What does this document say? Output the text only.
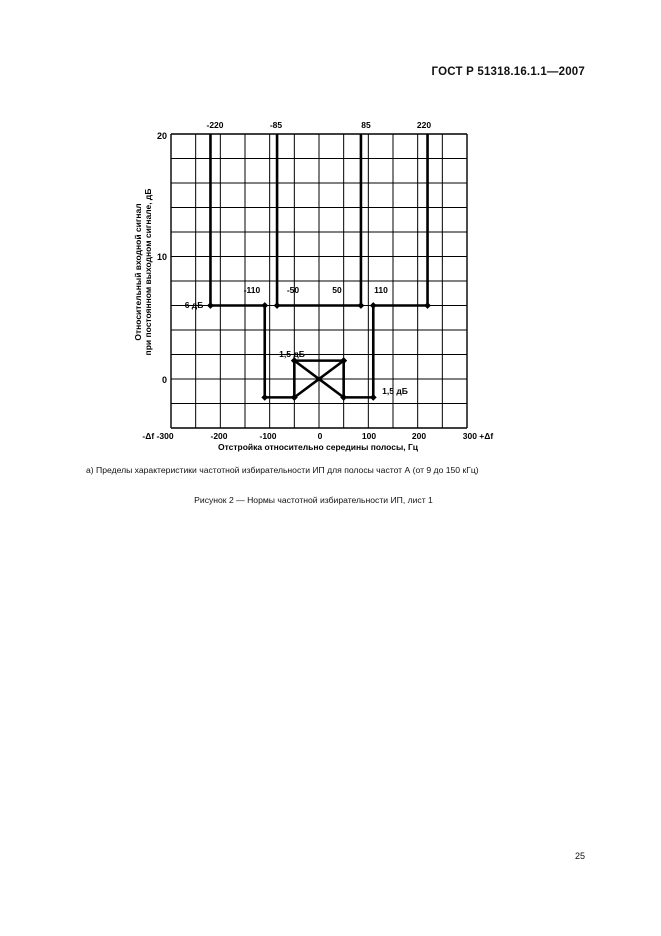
ГОСТ Р 51318.16.1.1—2007
20
10
0
-Δf -300	-200	-100	0	100	200	300 +Δf
Отстройка относительно середины полосы, Гц
Относительный входной сигнал при постоянном выходном сигнале, дБ
-220	-85	85	220
-110	-50	50	110
6 дБ
1,5 дБ
1,5 дБ
а) Пределы характеристики частотной избирательности ИП для полосы частот А (от 9 до 150 кГц)
Рисунок 2 — Нормы частотной избирательности ИП, лист 1
25
